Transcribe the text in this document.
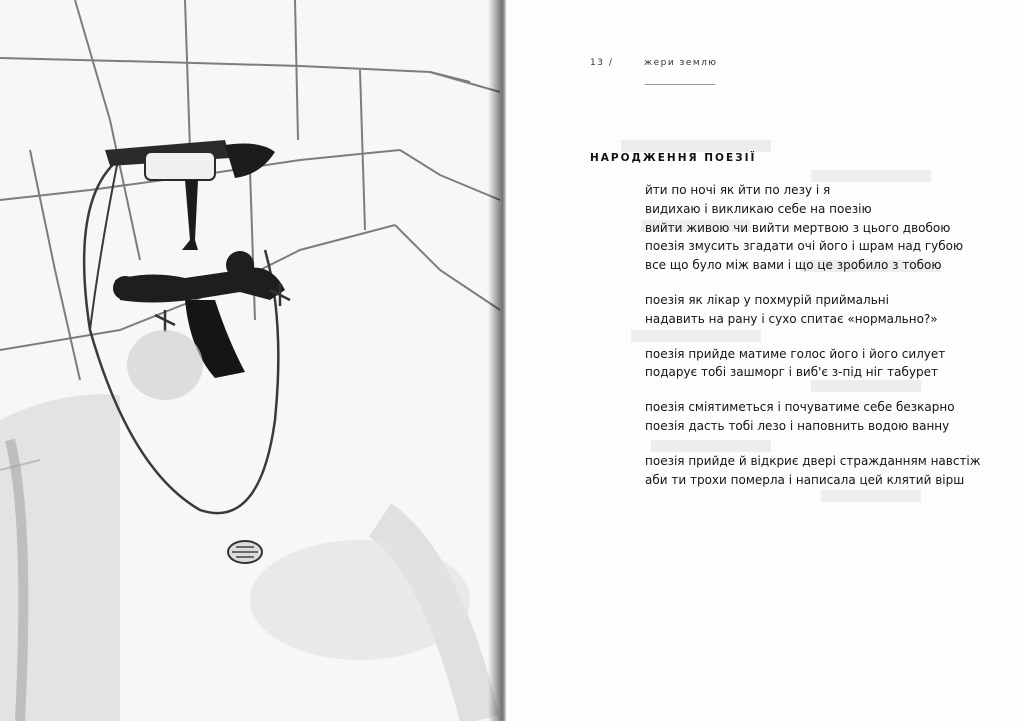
13 /	жери землю
НАРОДЖЕННЯ ПОЕЗІЇ
йти по ночі як йти по лезу і я
видихаю і викликаю себе на поезію
вийти живою чи вийти мертвою з цього двобою
поезія змусить згадати очі його і шрам над губою
все що було між вами і що це зробило з тобою
поезія як лікар у похмурій приймальні
надавить на рану і сухо спитає «нормально?»
поезія прийде матиме голос його і його силует
подарує тобі зашморг і виб'є з-під ніг табурет
поезія сміятиметься і почуватиме себе безкарно
поезія дасть тобі лезо і наповнить водою ванну
поезія прийде й відкриє двері стражданням навстіж
аби ти трохи померла і написала цей клятий вірш
